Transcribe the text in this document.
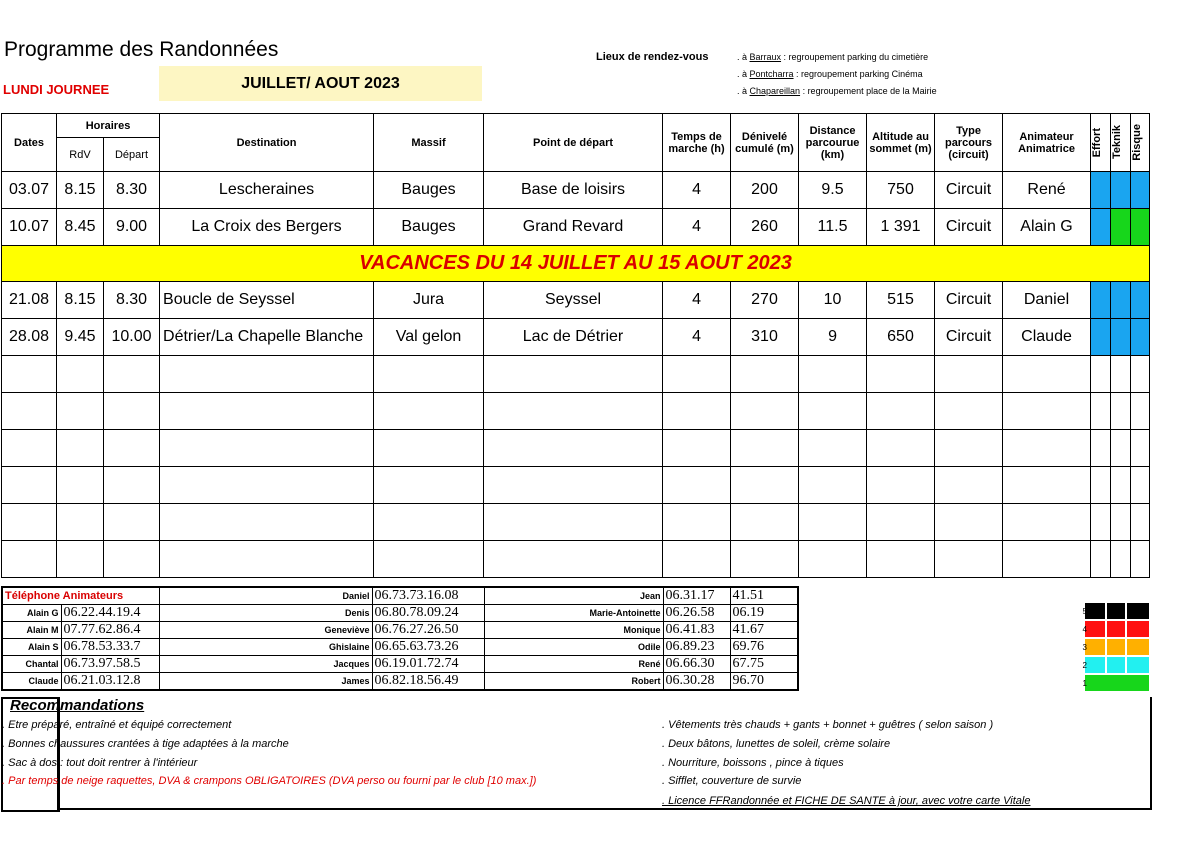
Programme des Randonnées
LUNDI JOURNEE	JUILLET/ AOUT 2023
Lieux de rendez-vous	. à Barraux : regroupement parking du cimetière
. à Pontcharra : regroupement parking Cinéma
. à Chapareillan : regroupement place de la Mairie
Dates	Horaires		Destination	Massif	Point de départ	Temps de marche (h)	Dénivelé cumulé (m)	Distance parcourue (km)	Altitude au sommet (m)	Type parcours (circuit)	Animateur Animatrice	Effort	Teknik	Risque

	RdV	Départ												
03.07	8.15	8.30	Lescheraines	Bauges	Base de loisirs	4	200	9.5	750	Circuit	René			
10.07	8.45	9.00	La Croix des Bergers	Bauges	Grand Revard	4	260	11.5	1 391	Circuit	Alain G			
VACANCES DU 14 JUILLET AU 15 AOUT 2023														
21.08	8.15	8.30	Boucle de Seyssel	Jura	Seyssel	4	270	10	515	Circuit	Daniel			
28.08	9.45	10.00	Détrier/La Chapelle Blanche	Val gelon	Lac de Détrier	4	310	9	650	Circuit	Claude			

Téléphone Animateurs		Daniel	06.73.73.16.08	Jean	06.31.17	41.51
Alain G	06.22.44.19.4	Denis	06.80.78.09.24	Marie-Antoinette	06.26.58	06.19
Alain M	07.77.62.86.4	Geneviève	06.76.27.26.50	Monique	06.41.83	41.67
Alain S	06.78.53.33.7	Ghislaine	06.65.63.73.26	Odile	06.89.23	69.76
Chantal	06.73.97.58.5	Jacques	06.19.01.72.74	René	06.66.30	67.75
Claude	06.21.03.12.8	James	06.82.18.56.49	Robert	06.30.28	96.70
5
4
3
2
1
Recommandations
. Etre préparé, entraîné et équipé correctement
. Bonnes chaussures crantées à tige adaptées à la marche
. Sac à dos : tout doit rentrer à l'intérieur
. Par temps de neige raquettes, DVA & crampons OBLIGATOIRES (DVA perso ou fourni par le club [10 max.])
. Vêtements très chauds + gants + bonnet + guêtres ( selon saison )
. Deux bâtons, lunettes de soleil, crème solaire
. Nourriture, boissons , pince à tiques
. Sifflet, couverture de survie
. Licence FFRandonnée et FICHE DE SANTE à jour, avec votre carte Vitale
